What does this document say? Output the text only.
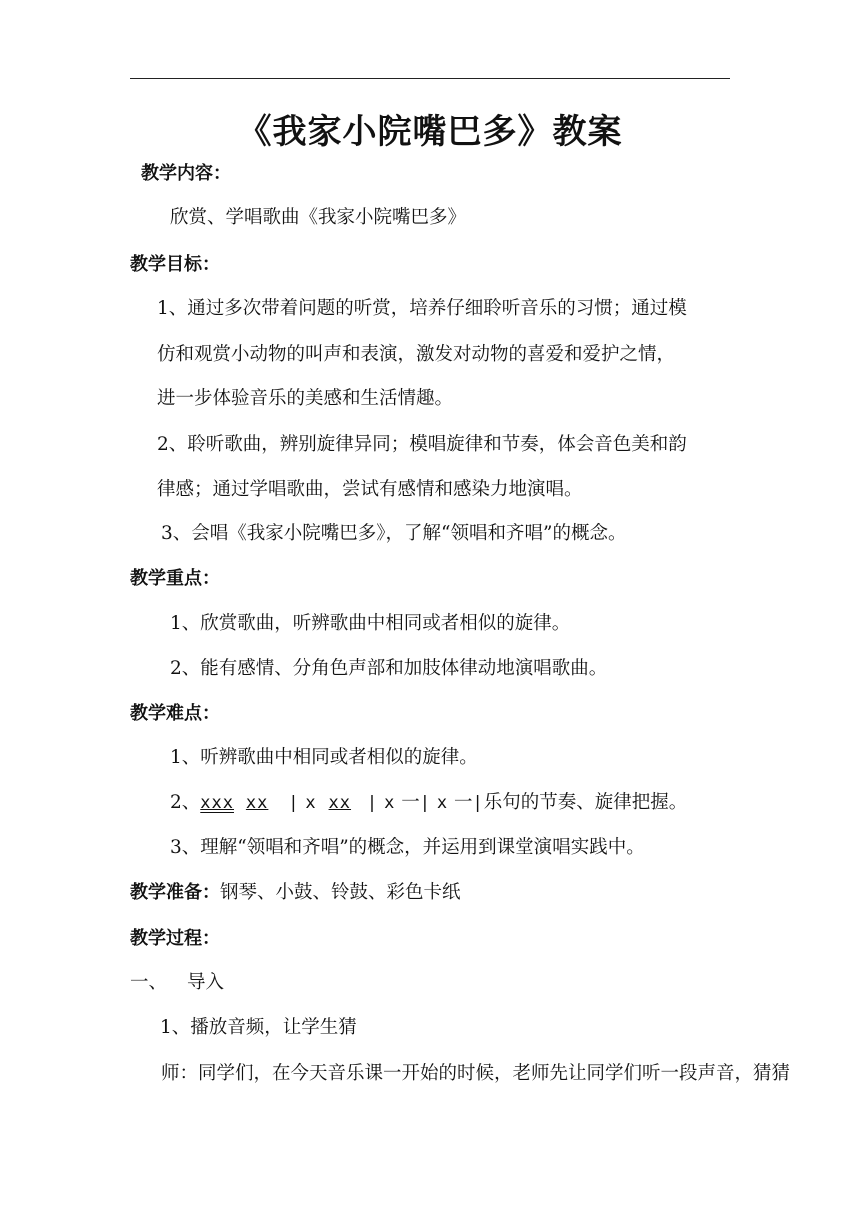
《我家小院嘴巴多》教案
教学内容：
欣赏、学唱歌曲《我家小院嘴巴多》
教学目标：
1、通过多次带着问题的听赏，培养仔细聆听音乐的习惯；通过模
仿和观赏小动物的叫声和表演，激发对动物的喜爱和爱护之情，
进一步体验音乐的美感和生活情趣。
2、聆听歌曲，辨别旋律异同；模唱旋律和节奏，体会音色美和韵
律感；通过学唱歌曲，尝试有感情和感染力地演唱。
3、会唱《我家小院嘴巴多》，了解“领唱和齐唱”的概念。
教学重点：
1、欣赏歌曲，听辨歌曲中相同或者相似的旋律。
2、能有感情、分角色声部和加肢体律动地演唱歌曲。
教学难点：
1、听辨歌曲中相同或者相似的旋律。
2、xxx xx | x xx | x 一| x 一|乐句的节奏、旋律把握。
3、理解“领唱和齐唱”的概念，并运用到课堂演唱实践中。
教学准备：钢琴、小鼓、铃鼓、彩色卡纸
教学过程：
一、 导入
1、播放音频，让学生猜
师：同学们，在今天音乐课一开始的时候，老师先让同学们听一段声音，猜猜
